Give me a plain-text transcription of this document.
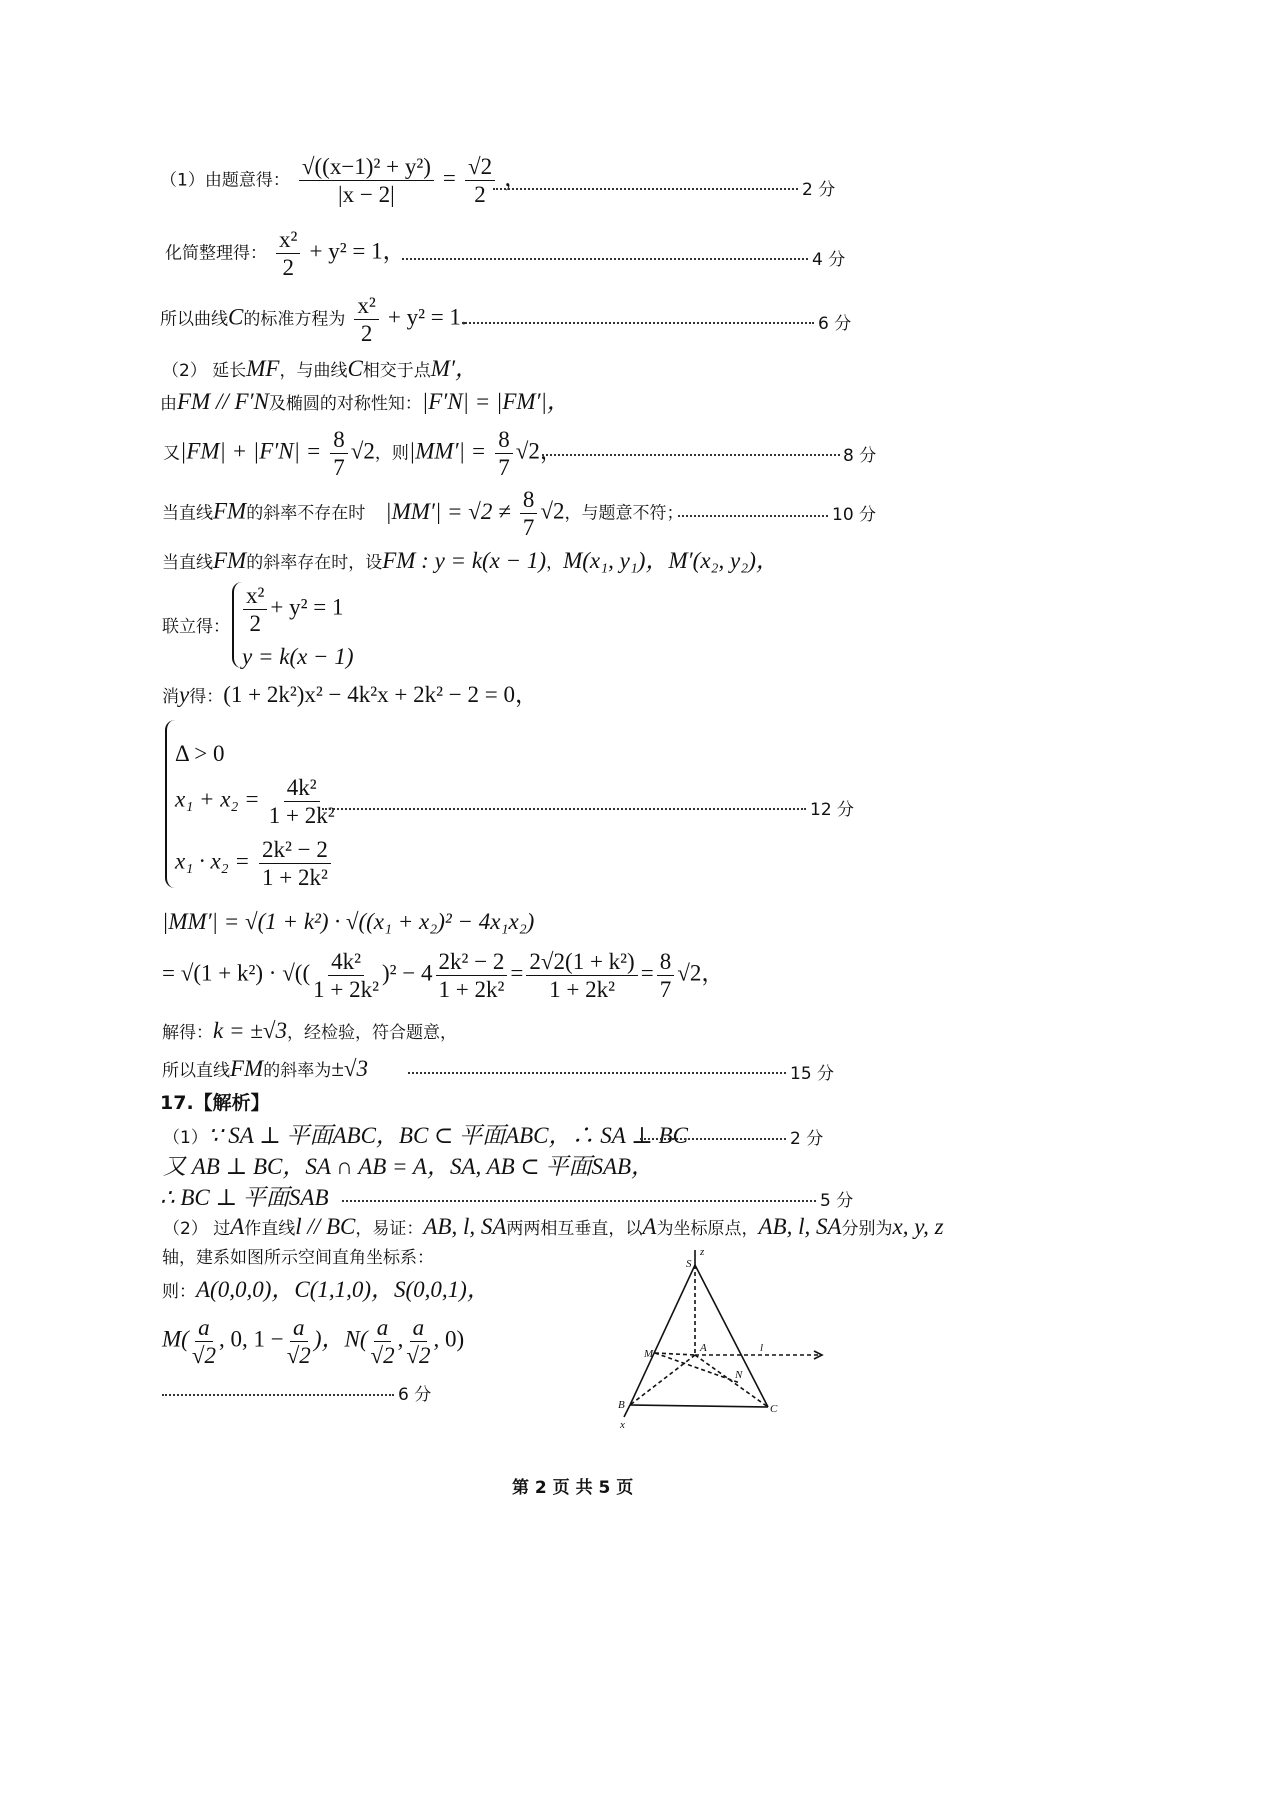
（1）由题意得： $\frac{\text{√((x−1)² + y²)}}{|x - 2|} = \frac{√2}{2}$ ，	2 分
化简整理得： $\frac{\text{x²}}{2} + y^2 = 1$，	4 分
所以曲线C的标准方程为 $\frac{\text{x²}}{2} + y^2 = 1$.	6 分
（2） 延长MF，与曲线C相交于点M′，
由FM // F′N及椭圆的对称性知：|F′N| = |FM′|，
又$|FM| + |F'N| = \frac{8}{7} √2$，则$|MM'| = \frac{8}{7} √2$，	8 分
当直线FM的斜率不存在时 $|MM'| = √2 \ne \frac{8}{7} √2$，与题意不符；	10 分
当直线FM的斜率存在时，设FM : y = k(x − 1)，M(x₁, y₁)，M′(x₂, y₂)，
联立得： $\frac{\text{x²}}{2} + y^2 = 1$
y = k(x − 1)
消y得：(1 + 2k²)x² − 4k²x + 2k² − 2 = 0，
Δ > 0
$x_1 + x_2 = \frac{\text{4k²}}{\text{1 + 2k²}}$	12 分
$x_1 \cdot x_2 = \frac{\text{2k² − 2}}{\text{1 + 2k²}}$
|MM′| = √(1 + k²) · √((x₁ + x₂)² − 4x₁x₂)
= √(1 + k²) · √(( $\frac{\text{4k²}}{\text{1 + 2k²}} )^2 - 4 \frac{\text{2k² − 2}}{\text{1 + 2k²}} = \frac{\text{2√2(1 + k²)}}{\text{1 + 2k²}} = \frac{8}{7} √2$，
解得：k = ±√3，经检验，符合题意，
所以直线FM的斜率为±√3	15 分
17.【解析】
（1）∵ SA ⊥ 平面ABC，BC ⊂ 平面ABC，∴ SA ⊥ BC	2 分
又 AB ⊥ BC，SA ∩ AB = A，SA, AB ⊂ 平面SAB，
∴ BC ⊥ 平面SAB	5 分
（2） 过A作直线l // BC，易证：AB, l, SA两两相互垂直，以A为坐标原点，AB, l, SA分别为x, y, z
轴，建系如图所示空间直角坐标系：
则：A(0,0,0)，C(1,1,0)，S(0,0,1)，
$M( \frac{a}{√2}$ , 0, $1 - \frac{a}{√2}$ )，$N( \frac{a}{√2}$ , $\frac{a}{√2}$ , 0)
6 分
S
z
M	A	l
N
B
x
C
第 2 页 共 5 页
